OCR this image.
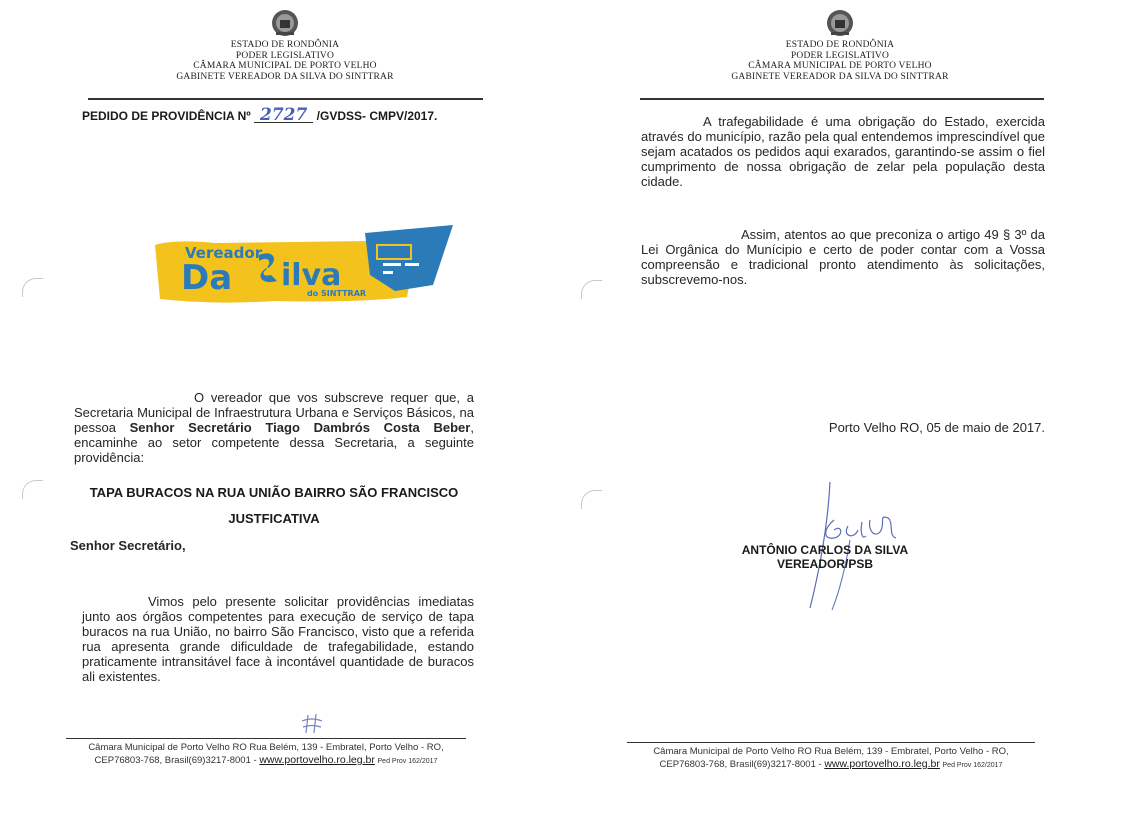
ESTADO DE RONDÔNIA
PODER LEGISLATIVO
CÂMARA MUNICIPAL DE PORTO VELHO
GABINETE VEREADOR DA SILVA DO SINTTRAR
PEDIDO DE PROVIDÊNCIA Nº 2727 /GVDSS- CMPV/2017.
Vereador
Da ilva
do SINTTRAR
O vereador que vos subscreve requer que, a Secretaria Municipal de Infraestrutura Urbana e Serviços Básicos, na pessoa Senhor Secretário Tiago Dambrós Costa Beber, encaminhe ao setor competente dessa Secretaria, a seguinte providência:
TAPA BURACOS NA RUA UNIÃO BAIRRO SÃO FRANCISCO
JUSTFICATIVA
Senhor Secretário,
Vimos pelo presente solicitar providências imediatas junto aos órgãos competentes para execução de serviço de tapa buracos na rua União, no bairro São Francisco, visto que a referida rua apresenta grande dificuldade de trafegabilidade, estando praticamente intransitável face à incontável quantidade de buracos ali existentes.
Câmara Municipal de Porto Velho RO Rua Belém, 139 - Embratel, Porto Velho - RO,
CEP76803-768, Brasil(69)3217-8001 - www.portovelho.ro.leg.br Ped Prov 162/2017
ESTADO DE RONDÔNIA
PODER LEGISLATIVO
CÂMARA MUNICIPAL DE PORTO VELHO
GABINETE VEREADOR DA SILVA DO SINTTRAR
A trafegabilidade é uma obrigação do Estado, exercida através do município, razão pela qual entendemos imprescindível que sejam acatados os pedidos aqui exarados, garantindo-se assim o fiel cumprimento de nossa obrigação de zelar pela população desta cidade.
Assim, atentos ao que preconiza o artigo 49 § 3º da Lei Orgânica do Munícipio e certo de poder contar com a Vossa compreensão e tradicional pronto atendimento às solicitações, subscrevemo-nos.
Porto Velho RO, 05 de maio de 2017.
ANTÔNIO CARLOS DA SILVA
VEREADOR/PSB
Câmara Municipal de Porto Velho RO Rua Belém, 139 - Embratel, Porto Velho - RO,
CEP76803-768, Brasil(69)3217-8001 - www.portovelho.ro.leg.br Ped Prov 162/2017
